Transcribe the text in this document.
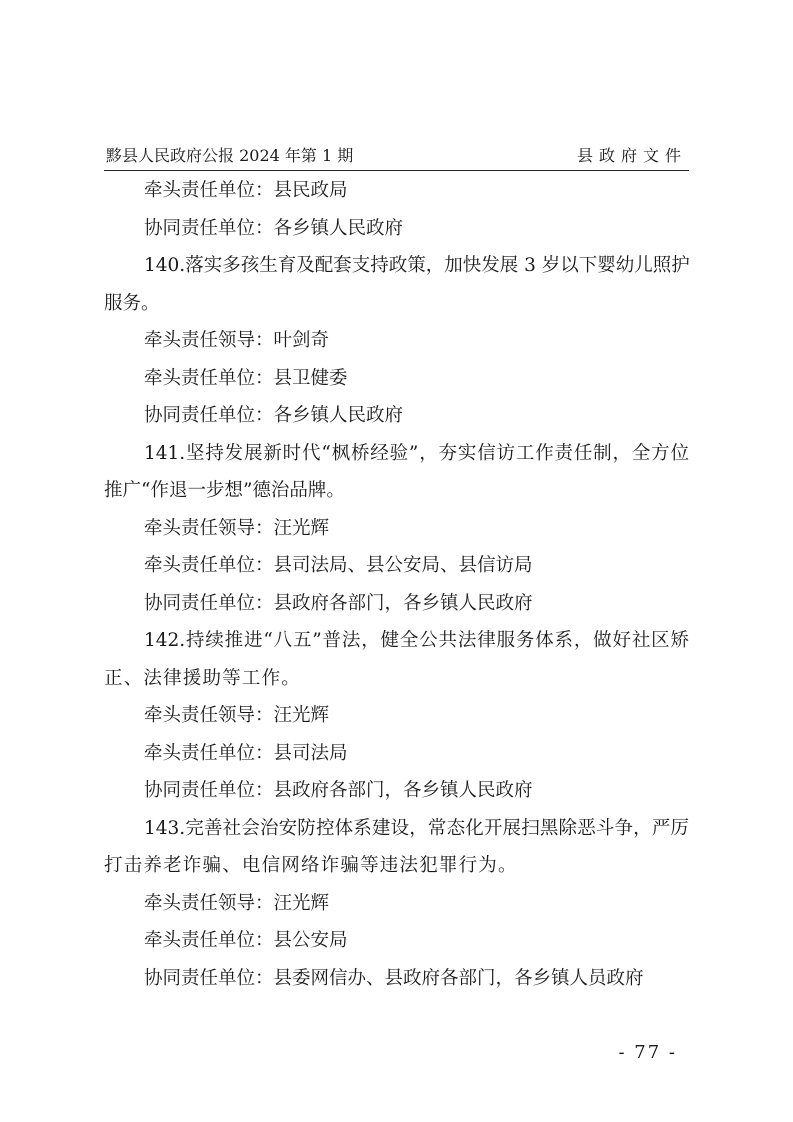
黟县人民政府公报 2024 年第 1 期	县政府文件
牵头责任单位：县民政局
协同责任单位：各乡镇人民政府
140.落实多孩生育及配套支持政策，加快发展 3 岁以下婴幼儿照护
服务。
牵头责任领导：叶剑奇
牵头责任单位：县卫健委
协同责任单位：各乡镇人民政府
141.坚持发展新时代“枫桥经验”，夯实信访工作责任制，全方位
推广“作退一步想”德治品牌。
牵头责任领导：汪光辉
牵头责任单位：县司法局、县公安局、县信访局
协同责任单位：县政府各部门，各乡镇人民政府
142.持续推进“八五”普法，健全公共法律服务体系，做好社区矫
正、法律援助等工作。
牵头责任领导：汪光辉
牵头责任单位：县司法局
协同责任单位：县政府各部门，各乡镇人民政府
143.完善社会治安防控体系建设，常态化开展扫黑除恶斗争，严厉
打击养老诈骗、电信网络诈骗等违法犯罪行为。
牵头责任领导：汪光辉
牵头责任单位：县公安局
协同责任单位：县委网信办、县政府各部门，各乡镇人员政府
- 77 -
